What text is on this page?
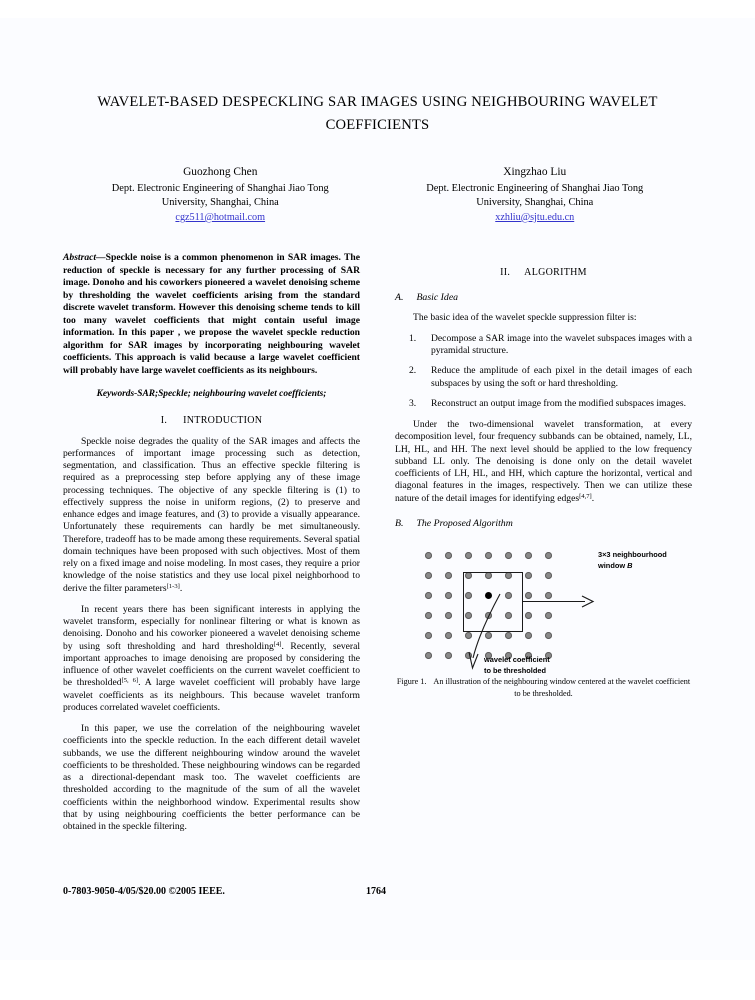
WAVELET-BASED DESPECKLING SAR IMAGES USING NEIGHBOURING WAVELET COEFFICIENTS
Guozhong Chen
Dept. Electronic Engineering of Shanghai Jiao Tong
University, Shanghai, China
cgz511@hotmail.com
Xingzhao Liu
Dept. Electronic Engineering of Shanghai Jiao Tong
University, Shanghai, China
xzhliu@sjtu.edu.cn

Abstract—Speckle noise is a common phenomenon in SAR images. The reduction of speckle is necessary for any further processing of SAR image. Donoho and his coworkers pioneered a wavelet denoising scheme by thresholding the wavelet coefficients arising from the standard discrete wavelet transform. However this denoising scheme tends to kill too many wavelet coefficients that might contain useful image information. In this paper , we propose the wavelet speckle reduction algorithm for SAR images by incorporating neighbouring wavelet coefficients. This approach is valid because a large wavelet coefficient will probably have large wavelet coefficients as its neighbours.

Keywords-SAR;Speckle; neighbouring wavelet coefficients;

I. INTRODUCTION

Speckle noise degrades the quality of the SAR images and affects the performances of important image processing such as detection, segmentation, and classification. Thus an effective speckle filtering is required as a preprocessing step before applying any of these image processing techniques. The objective of any speckle filtering is (1) to effectively suppress the noise in uniform regions, (2) to preserve and enhance edges and image features, and (3) to provide a visually appearance. Unfortunately these requirements can hardly be met simultaneously. Therefore, tradeoff has to be made among these requirements. Several spatial domain techniques have been proposed with such objectives. Most of them rely on a fixed image and noise modeling. In most cases, they require a prior knowledge of the noise statistics and they use local pixel neighborhood to derive the filter parameters[1-3].

In recent years there has been significant interests in applying the wavelet transform, especially for nonlinear filtering or what is known as denoising. Donoho and his coworker pioneered a wavelet denoising scheme by using soft thresholding and hard thresholding[4]. Recently, several important approaches to image denoising are proposed by considering the influence of other wavelet coefficients on the current wavelet coefficient to be thresholded[5, 6]. A large wavelet coefficient will probably have large wavelet coefficients as its neighbours. This because wavelet tranform produces correlated wavelet coefficients.

In this paper, we use the correlation of the neighbouring wavelet coefficients into the speckle reduction. In the each different detail wavelet subbands, we use the different neighbouring window around the wavelet coefficients to be thresholded. These neighbouring windows can be regarded as a directional-dependant mask too. The wavelet coefficients are thresholded according to the magnitude of the sum of all the wavelet coefficients within the neighborhood window. Experimental results show that by using neighbouring coefficients the better performance can be obtained in the speckle filtering.

II. ALGORITHM
A. Basic Idea

The basic idea of the wavelet speckle suppression filter is:

1. Decompose a SAR image into the wavelet subspaces images with a pyramidal structure.
2. Reduce the amplitude of each pixel in the detail images of each subspaces by using the soft or hard thresholding.
3. Reconstruct an output image from the modified subspaces images.

Under the two-dimensional wavelet transformation, at every decomposition level, four frequency subbands can be obtained, namely, LL, LH, HL, and HH. The next level should be applied to the low frequency subband LL only. The denoising is done only on the detail wavelet coefficients of LH, HL, and HH, which capture the horizontal, vertical and diagonal features in the images, respectively. Then we can utilize these nature of the detail images for identifying edges[4,7].

B. The Proposed Algorithm
3×3 neighbourhood
window B
wavelet coefficient
to be thresholded
Figure 1. An illustration of the neighbouring window centered at the wavelet coefficient to be thresholded.
0-7803-9050-4/05/$20.00 ©2005 IEEE.	1764
